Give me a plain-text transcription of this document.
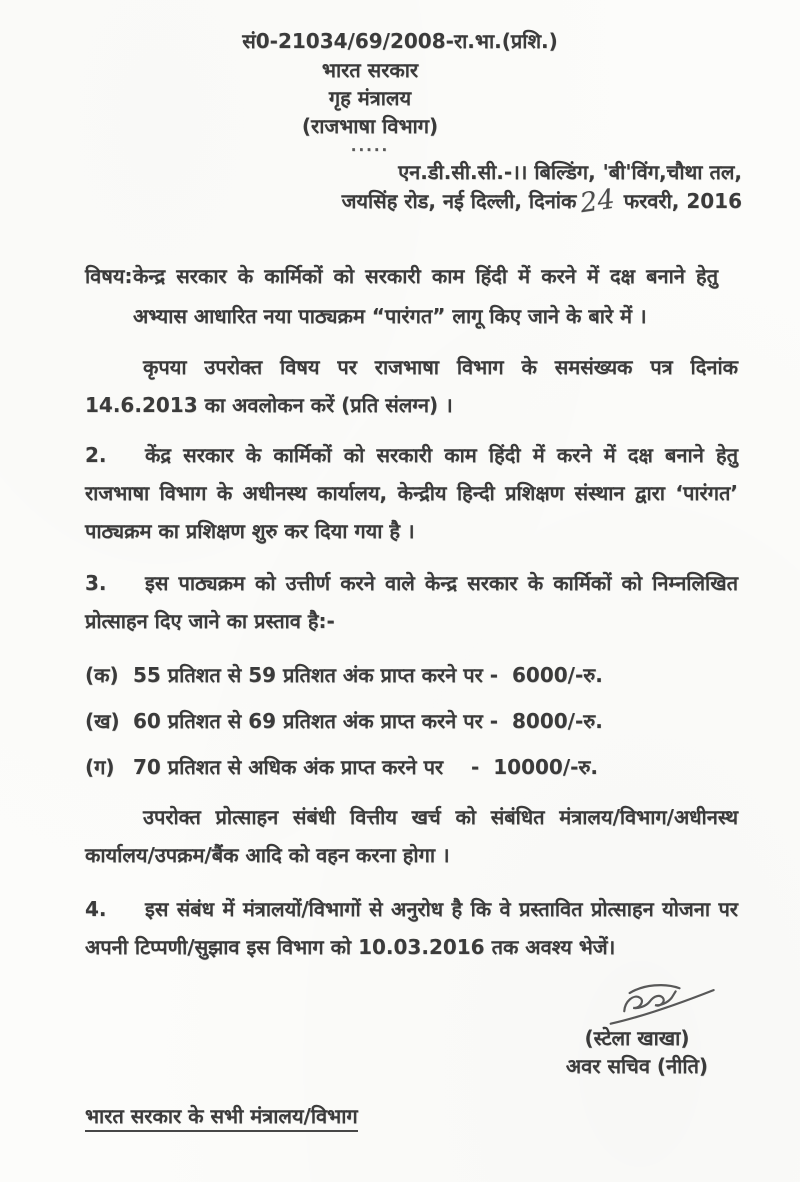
सं0-21034/69/2008-रा.भा.(प्रशि.)
भारत सरकार
गृह मंत्रालय
(राजभाषा विभाग)
.....
एन.डी.सी.सी.-।। बिल्डिंग, 'बी'विंग,चौथा तल,
जयसिंह रोड, नई दिल्ली, दिनांक24 फरवरी, 2016
विषय: केन्द्र सरकार के कार्मिकों को सरकारी काम हिंदी में करने में दक्ष बनाने हेतु अभ्यास आधारित नया पाठ्यक्रम “पारंगत” लागू किए जाने के बारे में ।

कृपया उपरोक्त विषय पर राजभाषा विभाग के समसंख्यक पत्र दिनांक 14.6.2013 का अवलोकन करें (प्रति संलग्न) ।

2. केंद्र सरकार के कार्मिकों को सरकारी काम हिंदी में करने में दक्ष बनाने हेतु राजभाषा विभाग के अधीनस्थ कार्यालय, केन्द्रीय हिन्दी प्रशिक्षण संस्थान द्वारा ‘पारंगत’ पाठ्यक्रम का प्रशिक्षण शुरु कर दिया गया है ।

3. इस पाठ्यक्रम को उत्तीर्ण करने वाले केन्द्र सरकार के कार्मिकों को निम्नलिखित प्रोत्साहन दिए जाने का प्रस्ताव है:-

(क) 55 प्रतिशत से 59 प्रतिशत अंक प्राप्त करने पर - 6000/-रु.
(ख) 60 प्रतिशत से 69 प्रतिशत अंक प्राप्त करने पर - 8000/-रु.
(ग) 70 प्रतिशत से अधिक अंक प्राप्त करने पर    - 10000/-रु.

उपरोक्त प्रोत्साहन संबंधी वित्तीय खर्च को संबंधित मंत्रालय/विभाग/अधीनस्थ कार्यालय/उपक्रम/बैंक आदि को वहन करना होगा ।

4. इस संबंध में मंत्रालयों/विभागों से अनुरोध है कि वे प्रस्तावित प्रोत्साहन योजना पर अपनी टिप्पणी/सुझाव इस विभाग को 10.03.2016 तक अवश्य भेजें।

(स्टेला खाखा)
अवर सचिव (नीति)
भारत सरकार के सभी मंत्रालय/विभाग
